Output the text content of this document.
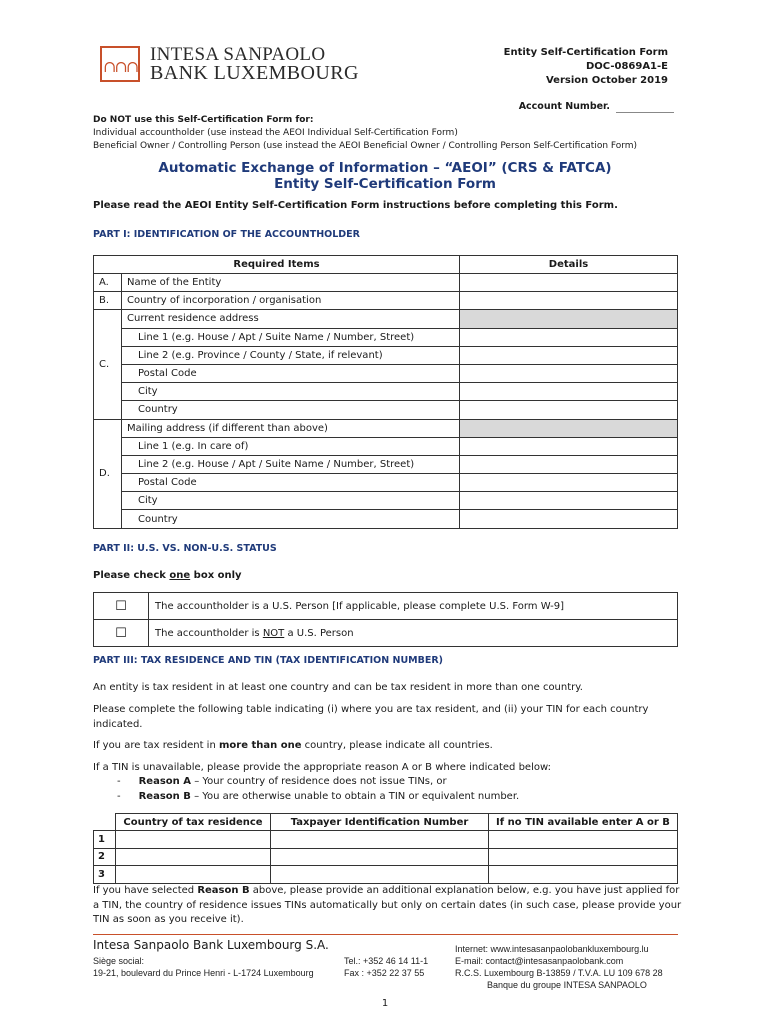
∩∩∩
INTESA SANPAOLO
BANK LUXEMBOURG
Entity Self-Certification Form
DOC-0869A1-E
Version October 2019
Account Number.
Do NOT use this Self-Certification Form for:
Individual accountholder (use instead the AEOI Individual Self-Certification Form)
Beneficial Owner / Controlling Person (use instead the AEOI Beneficial Owner / Controlling Person Self-Certification Form)
Automatic Exchange of Information – “AEOI” (CRS & FATCA)
Entity Self-Certification Form
Please read the AEOI Entity Self-Certification Form instructions before completing this Form.
PART I: IDENTIFICATION OF THE ACCOUNTHOLDER
Required Items		Details
A.	Name of the Entity	
B.	Country of incorporation / organisation	
C.	Current residence address	
	Line 1 (e.g. House / Apt / Suite Name / Number, Street)	
	Line 2 (e.g. Province / County / State, if relevant)	
	Postal Code	
	City	
	Country	
D.	Mailing address (if different than above)	
	Line 1 (e.g. In care of)	
	Line 2 (e.g. House / Apt / Suite Name / Number, Street)	
	Postal Code	
	City	
	Country	
PART II: U.S. VS. NON-U.S. STATUS
Please check one box only
☐	The accountholder is a U.S. Person [If applicable, please complete U.S. Form W-9]
☐	The accountholder is NOT a U.S. Person
PART III: TAX RESIDENCE AND TIN (TAX IDENTIFICATION NUMBER)
An entity is tax resident in at least one country and can be tax resident in more than one country.
Please complete the following table indicating (i) where you are tax resident, and (ii) your TIN for each country indicated.
If you are tax resident in more than one country, please indicate all countries.
If a TIN is unavailable, please provide the appropriate reason A or B where indicated below:
- Reason A – Your country of residence does not issue TINs, or
- Reason B – You are otherwise unable to obtain a TIN or equivalent number.
	Country of tax residence	Taxpayer Identification Number	If no TIN available enter A or B
1			
2			
3			
If you have selected Reason B above, please provide an additional explanation below, e.g. you have just applied for a TIN, the country of residence issues TINs automatically but only on certain dates (in such case, please provide your TIN as soon as you receive it).
Intesa Sanpaolo Bank Luxembourg S.A.
Siège social:
19-21, boulevard du Prince Henri - L-1724 Luxembourg
Tel.: +352 46 14 11-1
Fax : +352 22 37 55
Internet: www.intesasanpaolobankluxembourg.lu
E-mail: contact@intesasanpaolobank.com
R.C.S. Luxembourg B-13859 / T.V.A. LU 109 678 28
Banque du groupe INTESA SANPAOLO
1
